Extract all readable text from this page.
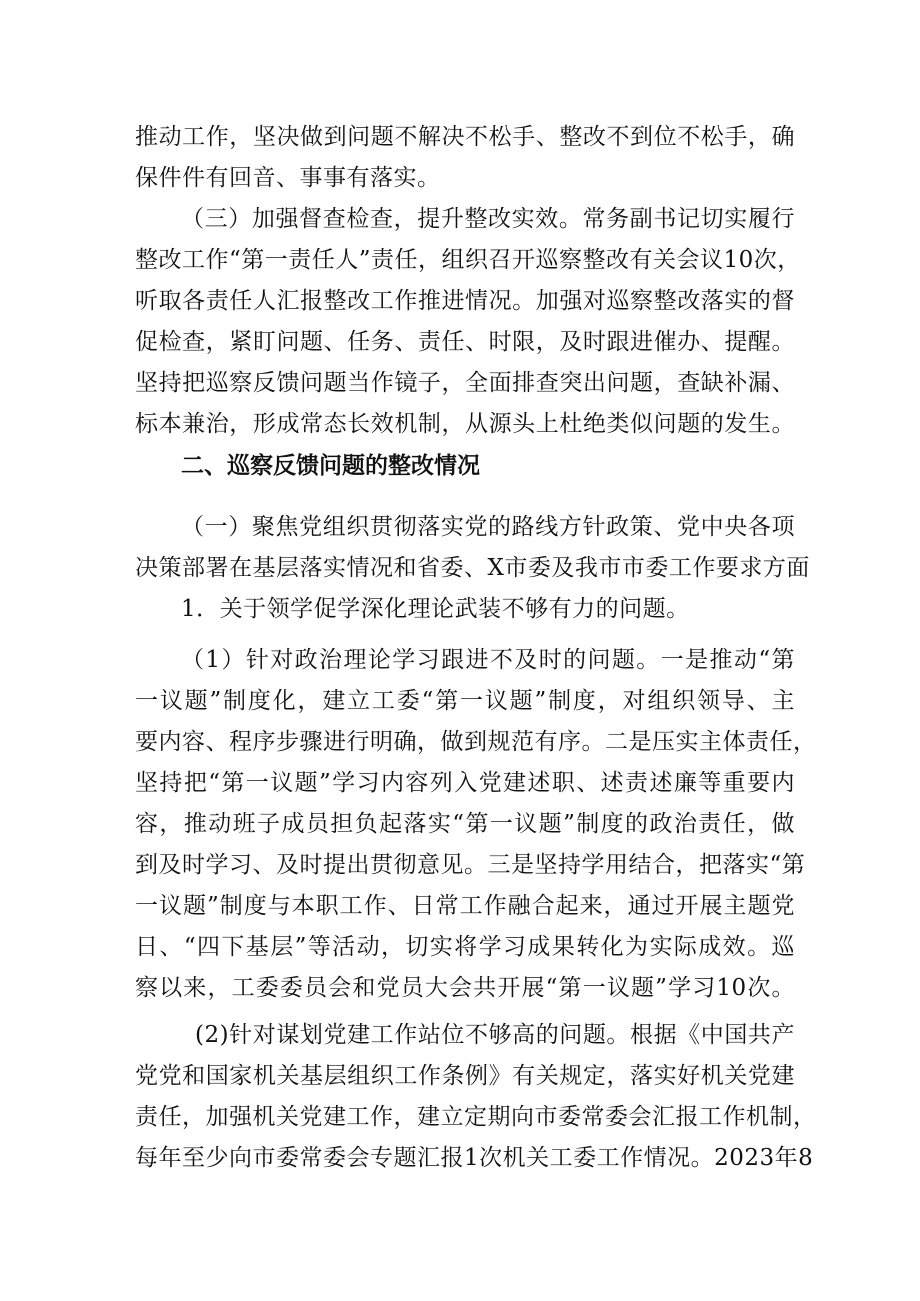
推动工作，坚决做到问题不解决不松手、整改不到位不松手，确
保件件有回音、事事有落实。
（三）加强督查检查，提升整改实效。常务副书记切实履行
整改工作“第一责任人”责任，组织召开巡察整改有关会议10次，
听取各责任人汇报整改工作推进情况。加强对巡察整改落实的督
促检查，紧盯问题、任务、责任、时限，及时跟进催办、提醒。
坚持把巡察反馈问题当作镜子，全面排查突出问题，查缺补漏、
标本兼治，形成常态长效机制，从源头上杜绝类似问题的发生。
二、巡察反馈问题的整改情况
（一）聚焦党组织贯彻落实党的路线方针政策、党中央各项
决策部署在基层落实情况和省委、X市委及我市市委工作要求方面
1．关于领学促学深化理论武装不够有力的问题。
（1）针对政治理论学习跟进不及时的问题。一是推动“第
一议题”制度化，建立工委“第一议题”制度，对组织领导、主
要内容、程序步骤进行明确，做到规范有序。二是压实主体责任，
坚持把“第一议题”学习内容列入党建述职、述责述廉等重要内
容，推动班子成员担负起落实“第一议题”制度的政治责任，做
到及时学习、及时提出贯彻意见。三是坚持学用结合，把落实“第
一议题”制度与本职工作、日常工作融合起来，通过开展主题党
日、“四下基层”等活动，切实将学习成果转化为实际成效。巡
察以来，工委委员会和党员大会共开展“第一议题”学习10次。
(2)针对谋划党建工作站位不够高的问题。根据《中国共产
党党和国家机关基层组织工作条例》有关规定，落实好机关党建
责任，加强机关党建工作，建立定期向市委常委会汇报工作机制，
每年至少向市委常委会专题汇报1次机关工委工作情况。2023年8
